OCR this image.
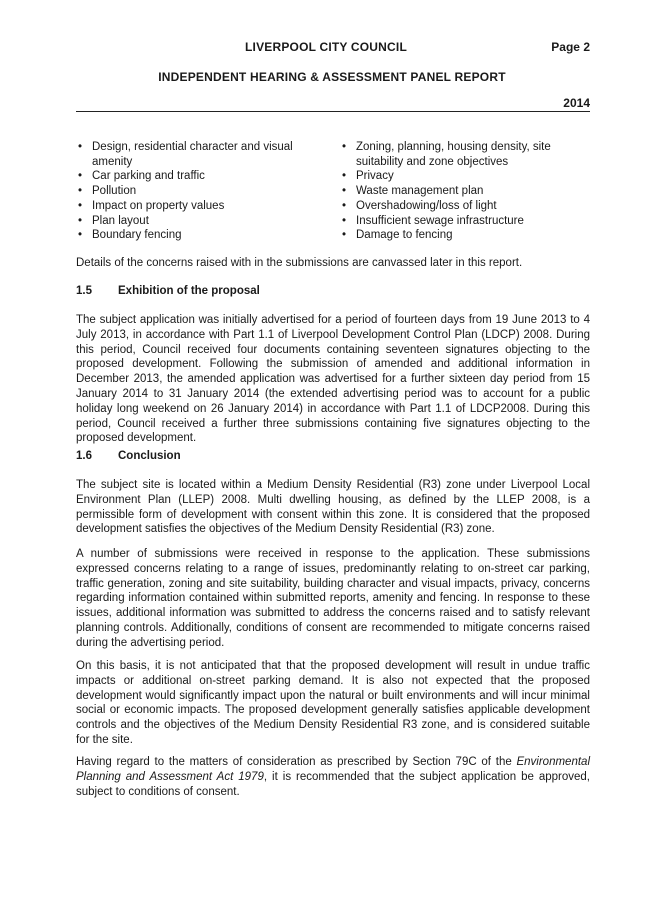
LIVERPOOL CITY COUNCIL	Page 2
INDEPENDENT HEARING & ASSESSMENT PANEL REPORT
2014
• Design, residential character and visual amenity
• Car parking and traffic
• Pollution
• Impact on property values
• Plan layout
• Boundary fencing
• Zoning, planning, housing density, site suitability and zone objectives
• Privacy
• Waste management plan
• Overshadowing/loss of light
• Insufficient sewage infrastructure
• Damage to fencing

Details of the concerns raised with in the submissions are canvassed later in this report.

1.5 Exhibition of the proposal

The subject application was initially advertised for a period of fourteen days from 19 June 2013 to 4 July 2013, in accordance with Part 1.1 of Liverpool Development Control Plan (LDCP) 2008. During this period, Council received four documents containing seventeen signatures objecting to the proposed development. Following the submission of amended and additional information in December 2013, the amended application was advertised for a further sixteen day period from 15 January 2014 to 31 January 2014 (the extended advertising period was to account for a public holiday long weekend on 26 January 2014) in accordance with Part 1.1 of LDCP2008. During this period, Council received a further three submissions containing five signatures objecting to the proposed development.

1.6 Conclusion

The subject site is located within a Medium Density Residential (R3) zone under Liverpool Local Environment Plan (LLEP) 2008. Multi dwelling housing, as defined by the LLEP 2008, is a permissible form of development with consent within this zone. It is considered that the proposed development satisfies the objectives of the Medium Density Residential (R3) zone.

A number of submissions were received in response to the application. These submissions expressed concerns relating to a range of issues, predominantly relating to on-street car parking, traffic generation, zoning and site suitability, building character and visual impacts, privacy, concerns regarding information contained within submitted reports, amenity and fencing. In response to these issues, additional information was submitted to address the concerns raised and to satisfy relevant planning controls. Additionally, conditions of consent are recommended to mitigate concerns raised during the advertising period.

On this basis, it is not anticipated that that the proposed development will result in undue traffic impacts or additional on-street parking demand. It is also not expected that the proposed development would significantly impact upon the natural or built environments and will incur minimal social or economic impacts. The proposed development generally satisfies applicable development controls and the objectives of the Medium Density Residential R3 zone, and is considered suitable for the site.

Having regard to the matters of consideration as prescribed by Section 79C of the Environmental Planning and Assessment Act 1979, it is recommended that the subject application be approved, subject to conditions of consent.
